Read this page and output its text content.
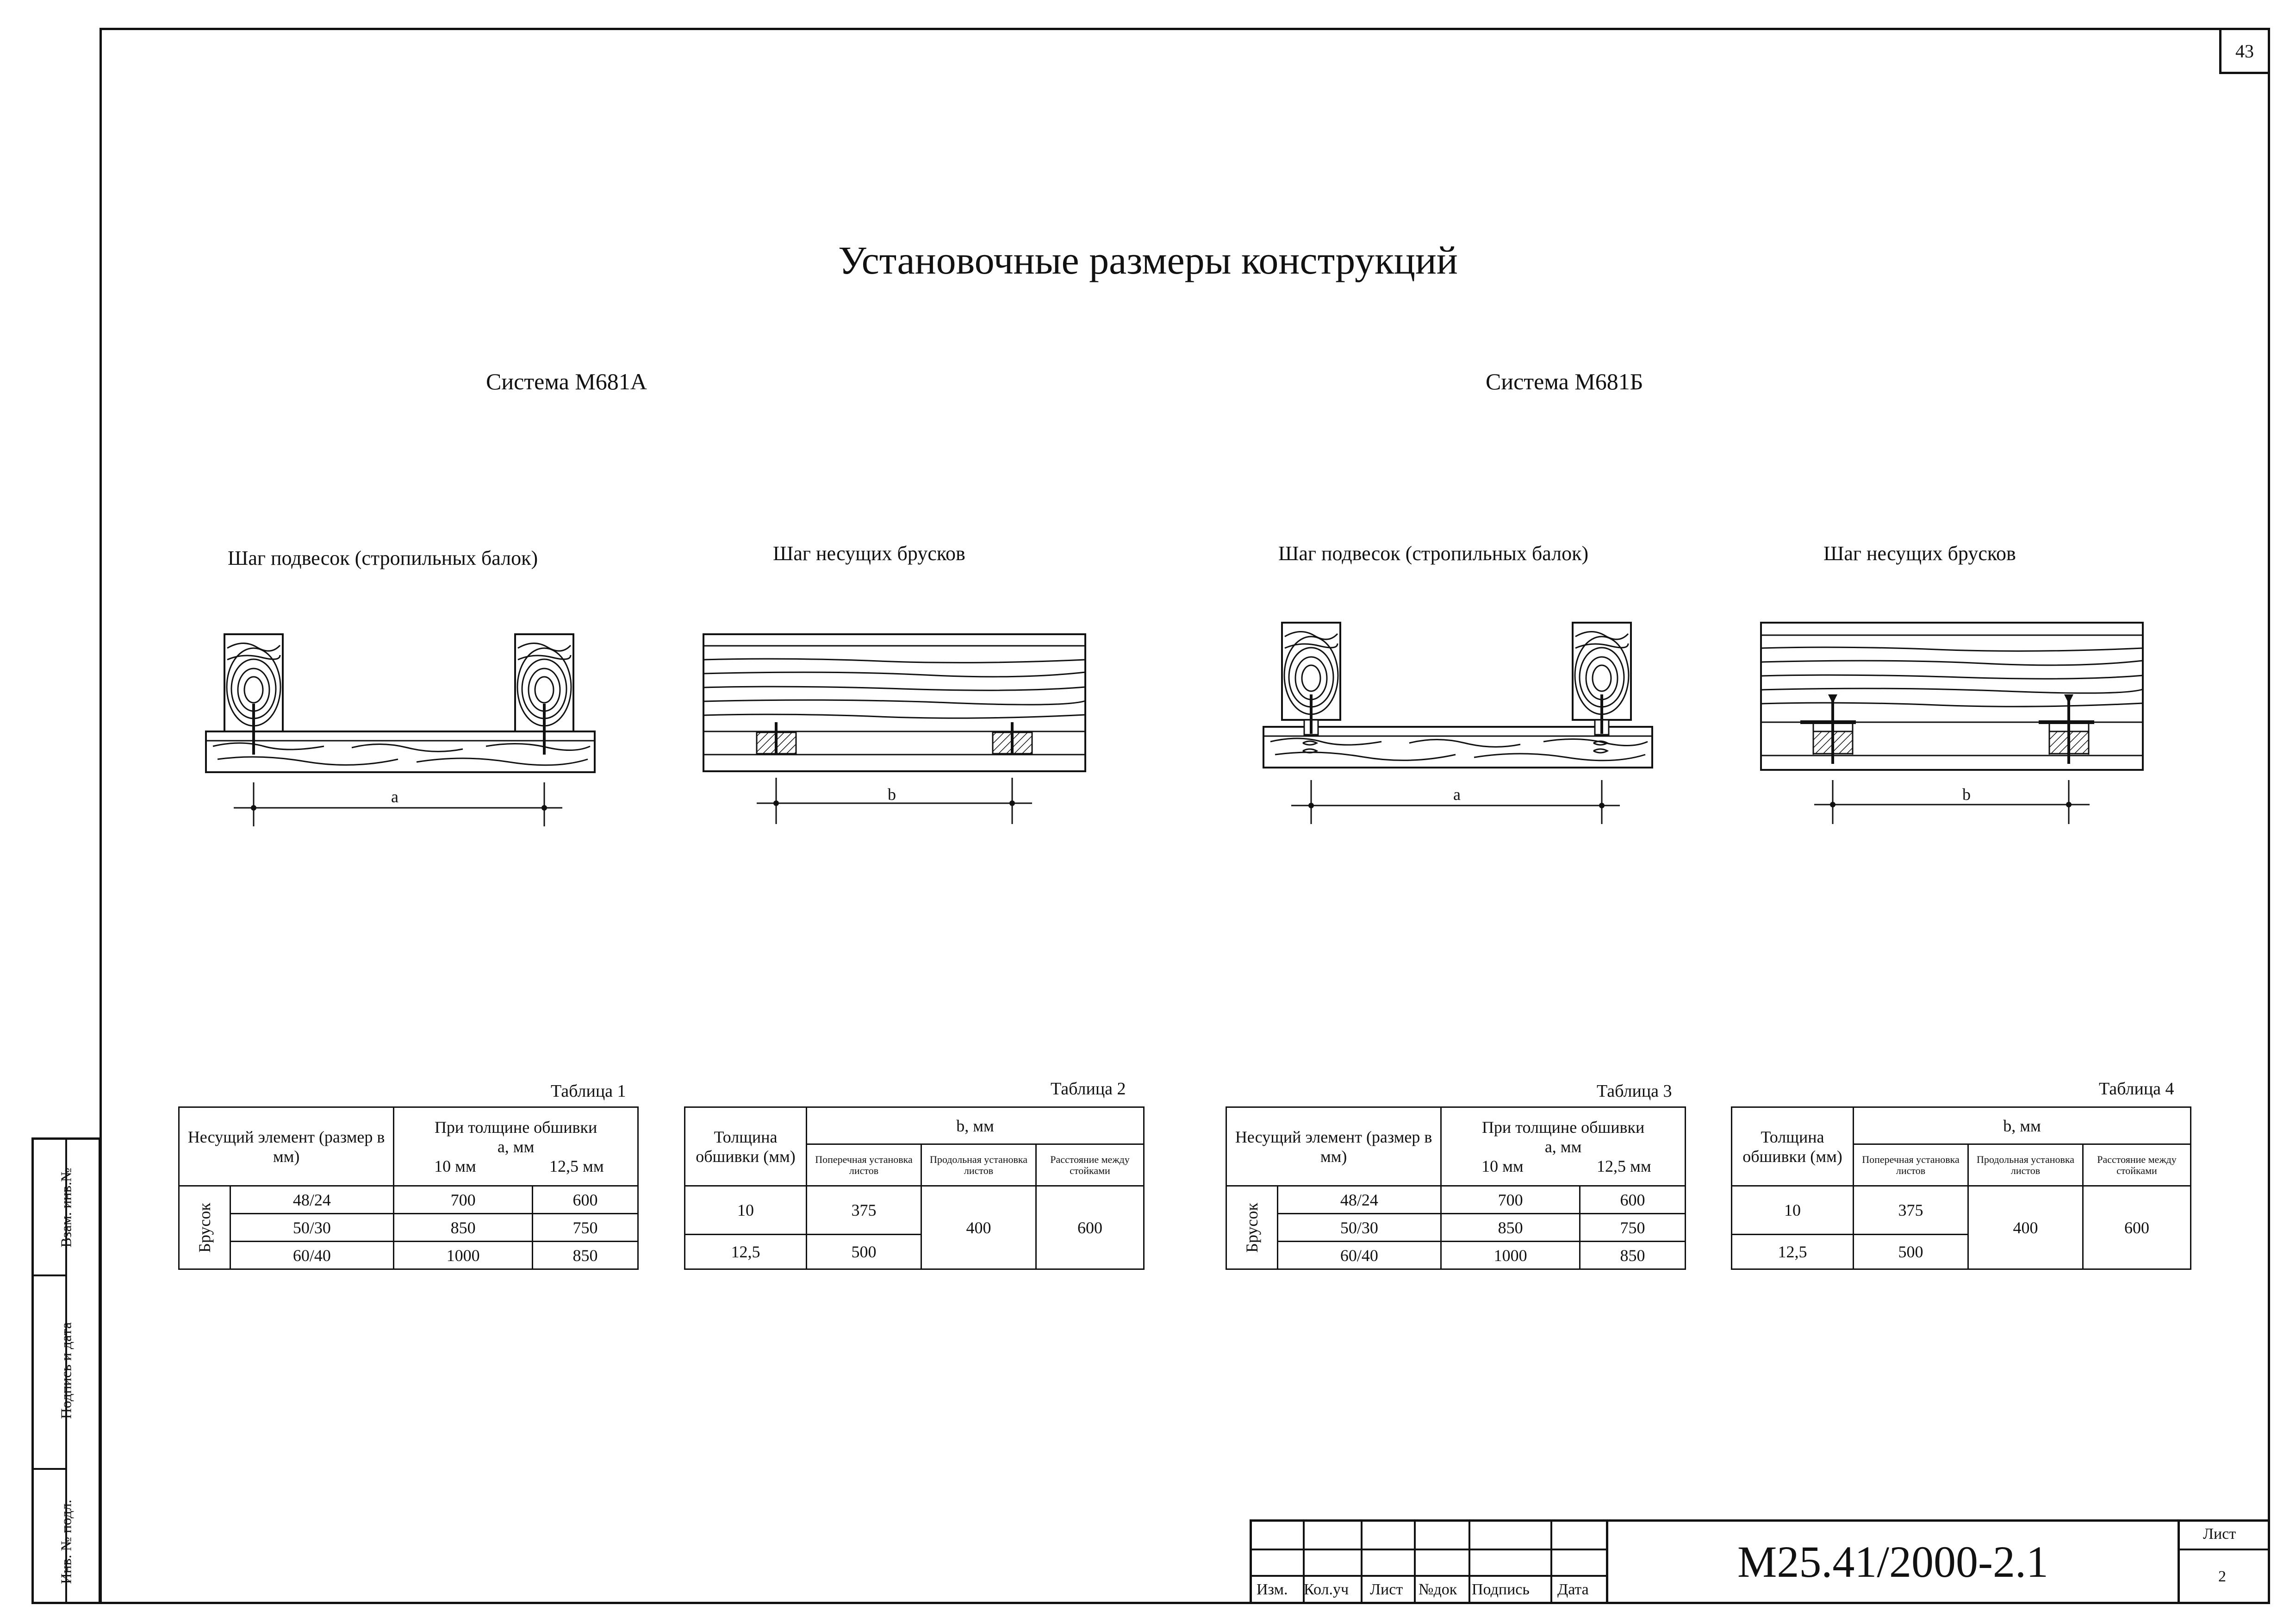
43
Взам. инв.№
Подпись и дата
Инв. № подл.
Установочные размеры конструкций
Система М681А	Система М681Б
Шаг подвесок (стропильных балок)	Шаг несущих брусков	Шаг подвесок (стропильных балок)	Шаг несущих брусков
a	b	a	b
Таблица 1	Таблица 2	Таблица 3	Таблица 4
Несущий элемент (размер в мм)		При толщине обшивки
а, мм
10 мм 12,5 мм	

Брусок	48/24	700	600
	50/30	850	750
	60/40	1000	850
Толщина обшивки (мм)	b, мм		
	Поперечная установка листов	Продольная установка листов	Расстояние между стойками
10	375	400	600
12,5	500		
Несущий элемент (размер в мм)		При толщине обшивки
а, мм
10 мм 12,5 мм	

Брусок	48/24	700	600
	50/30	850	750
	60/40	1000	850
Толщина обшивки (мм)	b, мм		
	Поперечная установка листов	Продольная установка листов	Расстояние между стойками
10	375	400	600
12,5	500		
Изм. Кол.уч Лист №док Подпись Дата
Лист
2
М25.41/2000-2.1
